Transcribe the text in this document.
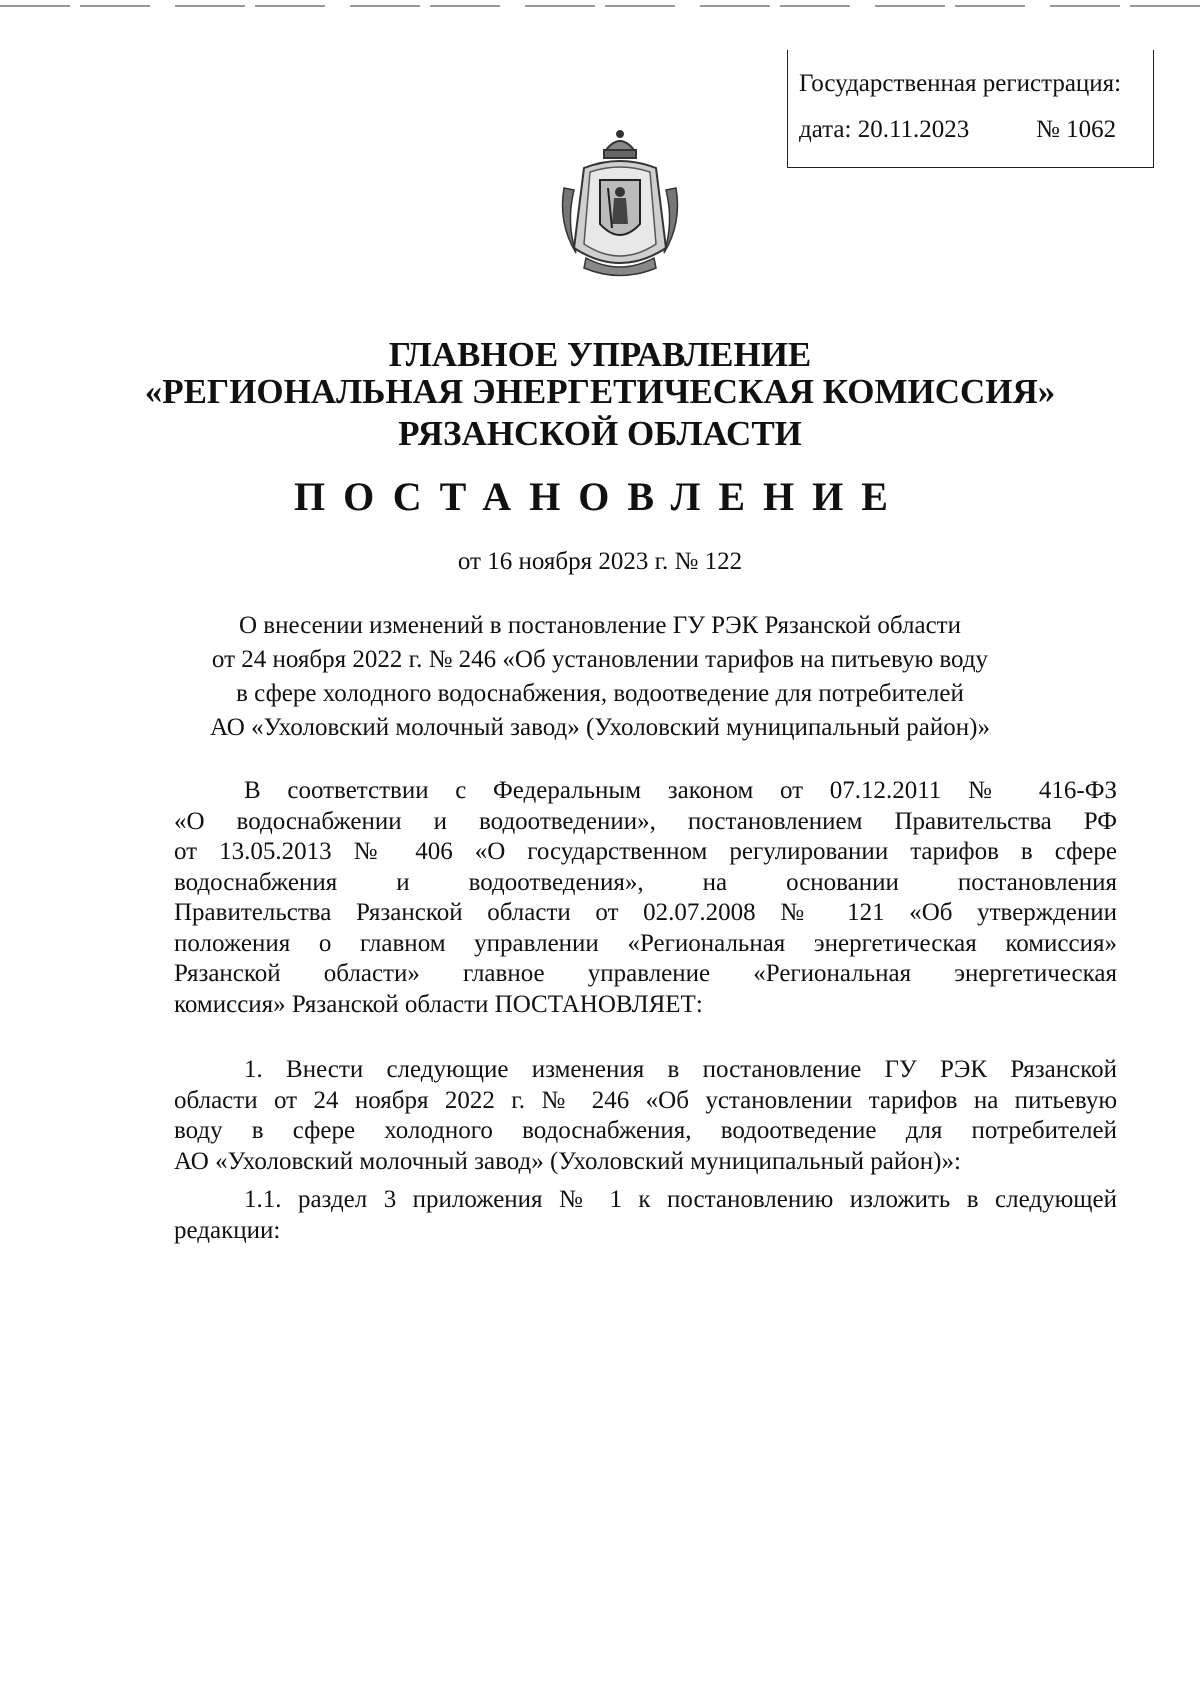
Государственная регистрация:
дата: 20.11.2023	№ 1062
ГЛАВНОЕ УПРАВЛЕНИЕ
«РЕГИОНАЛЬНАЯ ЭНЕРГЕТИЧЕСКАЯ КОМИССИЯ»
РЯЗАНСКОЙ ОБЛАСТИ
ПОСТАНОВЛЕНИЕ
от 16 ноября 2023 г. № 122
О внесении изменений в постановление ГУ РЭК Рязанской области
от 24 ноября 2022 г. № 246 «Об установлении тарифов на питьевую воду
в сфере холодного водоснабжения, водоотведение для потребителей
АО «Ухоловский молочный завод» (Ухоловский муниципальный район)»
В соответствии с Федеральным законом от 07.12.2011 № 416-ФЗ
«О водоснабжении и водоотведении», постановлением Правительства РФ
от 13.05.2013 № 406 «О государственном регулировании тарифов в сфере
водоснабжения и водоотведения», на основании постановления
Правительства Рязанской области от 02.07.2008 № 121 «Об утверждении
положения о главном управлении «Региональная энергетическая комиссия»
Рязанской области» главное управление «Региональная энергетическая
комиссия» Рязанской области ПОСТАНОВЛЯЕТ:
1. Внести следующие изменения в постановление ГУ РЭК Рязанской
области от 24 ноября 2022 г. № 246 «Об установлении тарифов на питьевую
воду в сфере холодного водоснабжения, водоотведение для потребителей
АО «Ухоловский молочный завод» (Ухоловский муниципальный район)»:
1.1. раздел 3 приложения № 1 к постановлению изложить в следующей
редакции:
